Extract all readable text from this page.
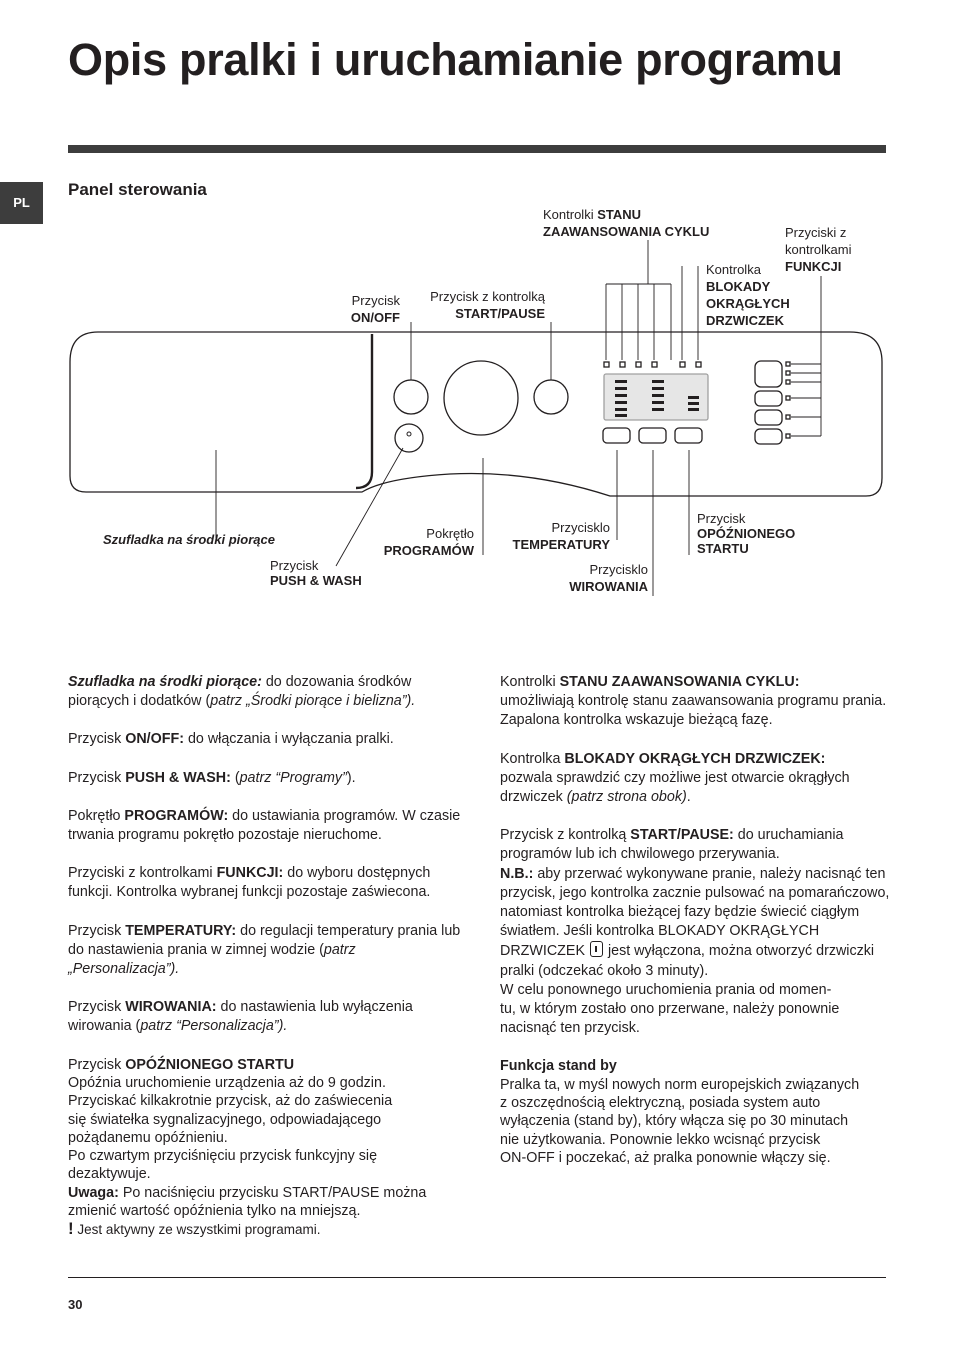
Opis pralki i uruchamianie programu
PL
Panel sterowania
Kontrolki STANU
ZAAWANSOWANIA CYKLU	Przyciski z
kontrolkami
FUNKCJI
Kontrolka
BLOKADY
OKRĄGŁYCH
DRZWICZEK
Przycisk
ON/OFF
Przycisk z kontrolką
START/PAUSE
Szufladka na środki piorące	Pokrętło
PROGRAMÓW
Przycisklo
TEMPERATURY
Przycisk
OPÓŹNIONEGO
STARTU
Przycisk
PUSH & WASH
Przycisklo
WIROWANIA

Szufladka na środki piorące: do dozowania środków piorących i dodatków (patrz „Środki piorące i bielizna”).

Przycisk ON/OFF: do włączania i wyłączania pralki.

Przycisk PUSH & WASH: (patrz “Programy”).

Pokrętło PROGRAMÓW: do ustawiania programów. W czasie trwania programu pokrętło pozostaje nieruchome.

Przyciski z kontrolkami FUNKCJI: do wyboru dostępnych funkcji. Kontrolka wybranej funkcji pozostaje zaświecona.

Przycisk TEMPERATURY: do regulacji temperatury prania lub do nastawienia prania w zimnej wodzie (patrz „Personalizacja”).

Przycisk WIROWANIA: do nastawienia lub wyłączenia wirowania (patrz “Personalizacja”).

Przycisk OPÓŹNIONEGO STARTU
Opóźnia uruchomienie urządzenia aż do 9 godzin.
Przyciskać kilkakrotnie przycisk, aż do zaświecenia
się światełka sygnalizacyjnego, odpowiadającego
pożądanemu opóźnieniu.
Po czwartym przyciśnięciu przycisk funkcyjny się
dezaktywuje.
Uwaga: Po naciśnięciu przycisku START/PAUSE można zmienić wartość opóźnienia tylko na mniejszą.
! Jest aktywny ze wszystkimi programami.

Kontrolki STANU ZAAWANSOWANIA CYKLU:
umożliwiają kontrolę stanu zaawansowania programu prania. Zapalona kontrolka wskazuje bieżącą fazę.

Kontrolka BLOKADY OKRĄGŁYCH DRZWICZEK:
pozwala sprawdzić czy możliwe jest otwarcie okrągłych drzwiczek (patrz strona obok).

Przycisk z kontrolką START/PAUSE: do uruchamiania programów lub ich chwilowego przerywania.
N.B.: aby przerwać wykonywane pranie, należy nacisnąć ten przycisk, jego kontrolka zacznie pulsować na pomarańczowo, natomiast kontrolka bieżącej fazy będzie świecić ciągłym światłem. Jeśli kontrolka BLOKADY OKRĄGŁYCH DRZWICZEK  jest wyłączona, można otworzyć drzwiczki pralki (odczekać około 3 minuty).
W celu ponownego uruchomienia prania od momen-
tu, w którym zostało ono przerwane, należy ponownie
nacisnąć ten przycisk.

Funkcja stand by
Pralka ta, w myśl nowych norm europejskich związanych
z oszczędnością elektryczną, posiada system auto
wyłączenia (stand by), który włącza się po 30 minutach
nie użytkowania. Ponownie lekko wcisnąć przycisk
ON-OFF i poczekać, aż pralka ponownie włączy się.
30
